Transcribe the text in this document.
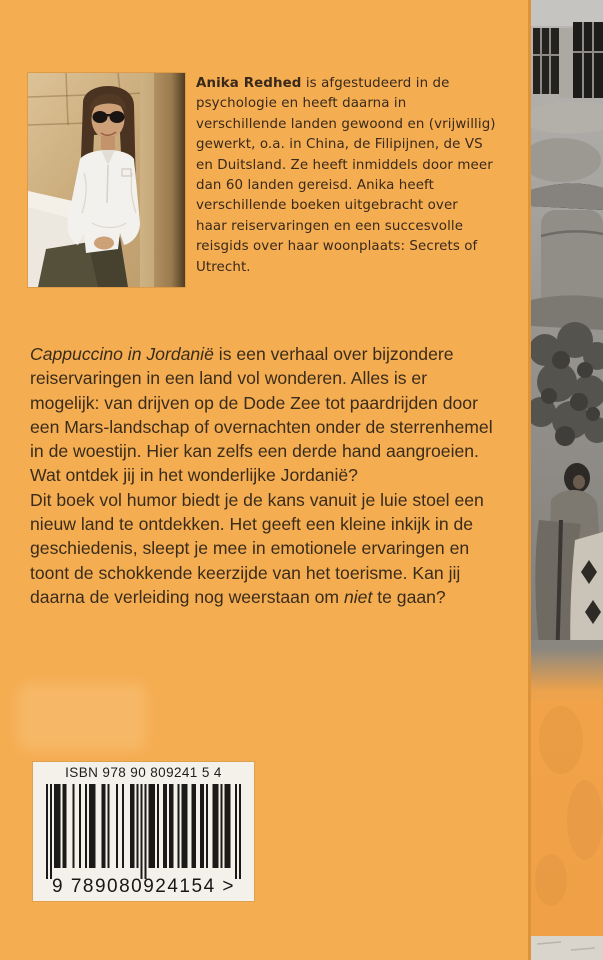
Anika Redhed is afgestudeerd in de
psychologie en heeft daarna in
verschillende landen gewoond en (vrijwillig)
gewerkt, o.a. in China, de Filipijnen, de VS
en Duitsland. Ze heeft inmiddels door meer
dan 60 landen gereisd. Anika heeft
verschillende boeken uitgebracht over
haar reiservaringen en een succesvolle
reisgids over haar woonplaats: Secrets of
Utrecht.
Cappuccino in Jordanië is een verhaal over bijzondere
reiservaringen in een land vol wonderen. Alles is er
mogelijk: van drijven op de Dode Zee tot paardrijden door
een Mars-landschap of overnachten onder de sterrenhemel
in de woestijn. Hier kan zelfs een derde hand aangroeien.
Wat ontdek jij in het wonderlijke Jordanië?
Dit boek vol humor biedt je de kans vanuit je luie stoel een
nieuw land te ontdekken. Het geeft een kleine inkijk in de
geschiedenis, sleept je mee in emotionele ervaringen en
toont de schokkende keerzijde van het toerisme. Kan jij
daarna de verleiding nog weerstaan om niet te gaan?
ISBN 978 90 809241 5 4
9 789080924154 >
